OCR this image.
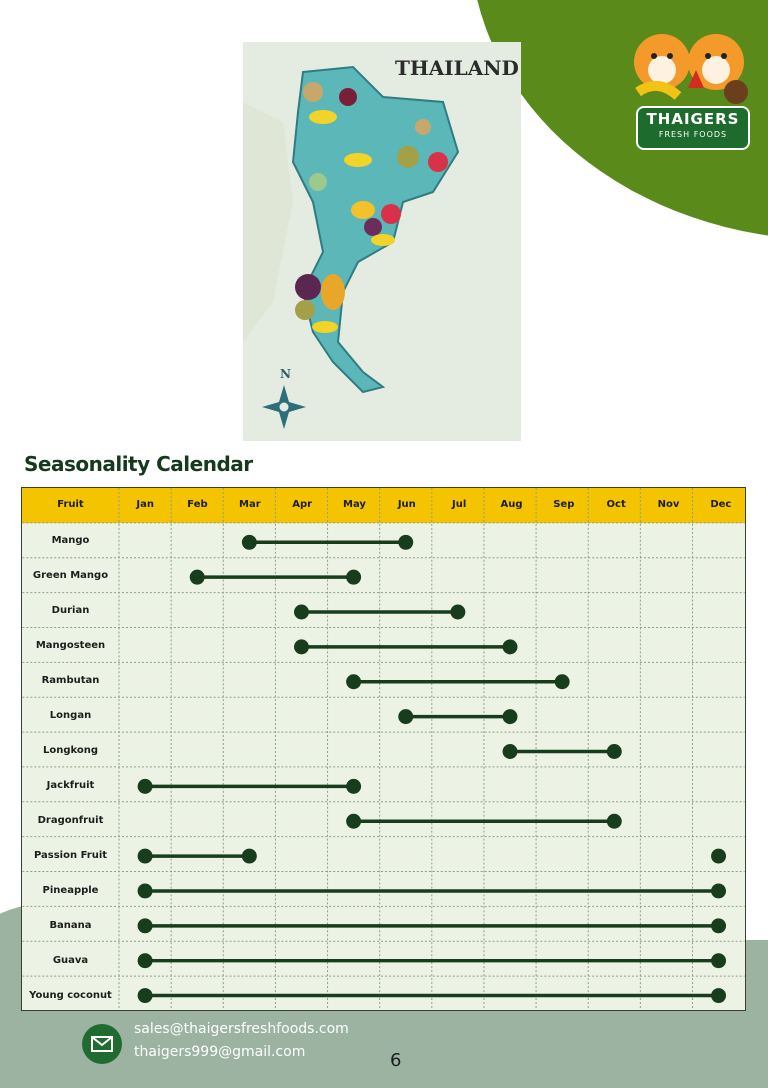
THAIGERS
FRESH FOODS
N
THAILAND
Seasonality Calendar
Fruit	Jan	Feb	Mar	Apr	May	Jun	Jul	Aug	Sep	Oct	Nov	Dec
Mango
Green Mango
Durian
Mangosteen
Rambutan
Longan
Longkong
Jackfruit
Dragonfruit
Passion Fruit
Pineapple
Banana
Guava
Young coconut
sales@thaigersfreshfoods.com
thaigers999@gmail.com	6
